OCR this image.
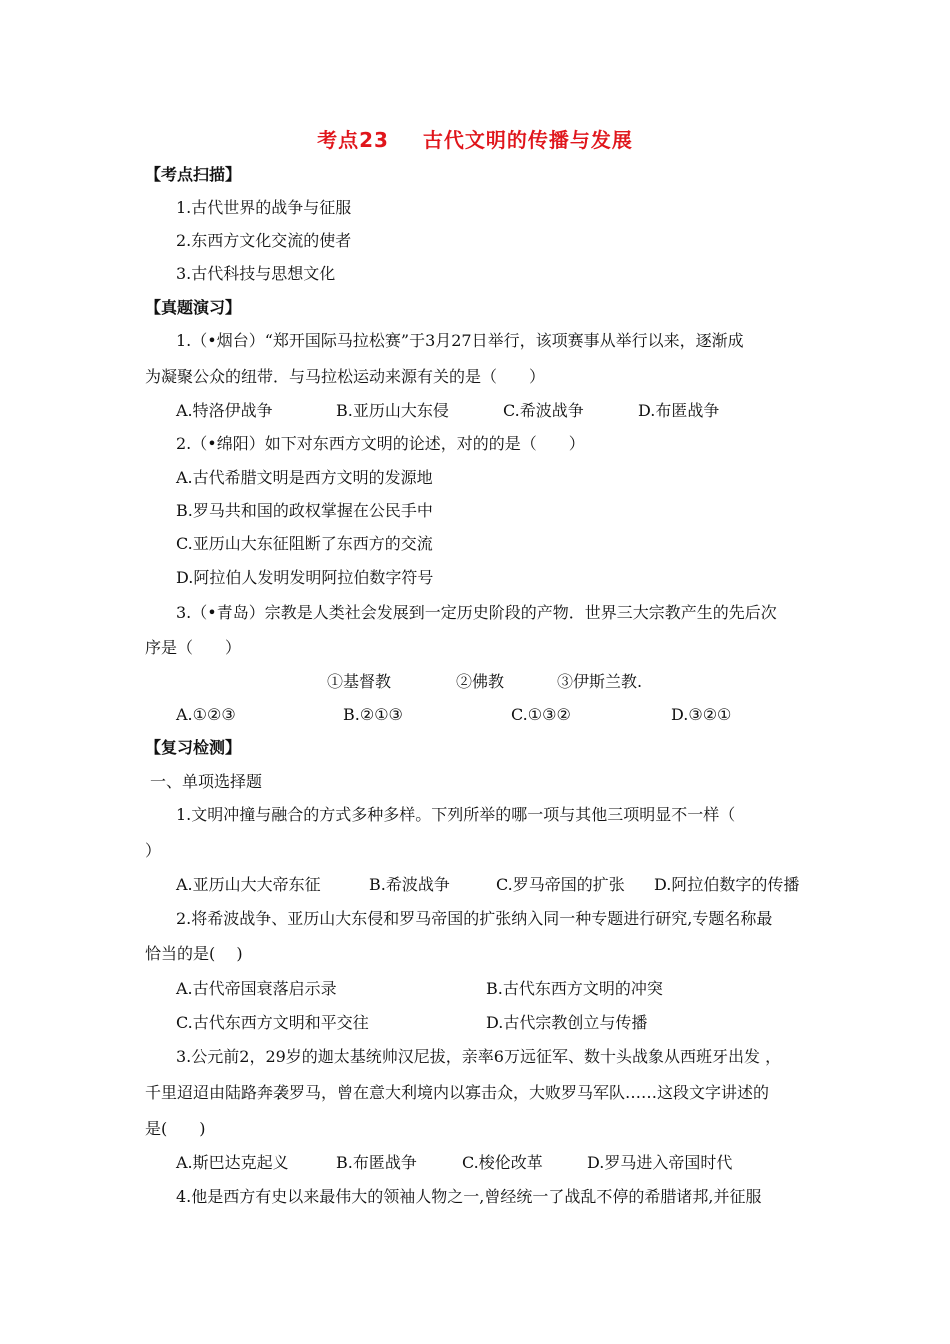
考点23 古代文明的传播与发展
【考点扫描】
1.古代世界的战争与征服
2.东西方文化交流的使者
3.古代科技与思想文化
【真题演习】
1.（•烟台）“郑开国际马拉松赛”于3月27日举行，该项赛事从举行以来，逐渐成
为凝聚公众的纽带．与马拉松运动来源有关的是（　　）
A.特洛伊战争	B.亚历山大东侵	C.希波战争	D.布匿战争
2.（•绵阳）如下对东西方文明的论述，对的的是（　　）
A.古代希腊文明是西方文明的发源地
B.罗马共和国的政权掌握在公民手中
C.亚历山大东征阻断了东西方的交流
D.阿拉伯人发明发明阿拉伯数字符号
3.（•青岛）宗教是人类社会发展到一定历史阶段的产物．世界三大宗教产生的先后次
序是（　　）
①基督教	②佛教	③伊斯兰教.
A.①②③	B.②①③	C.①③②	D.③②①
【复习检测】
一、单项选择题
1.文明冲撞与融合的方式多种多样。下列所举的哪一项与其他三项明显不一样（
）
A.亚历山大大帝东征	B.希波战争	C.罗马帝国的扩张 D.阿拉伯数字的传播
2.将希波战争、亚历山大东侵和罗马帝国的扩张纳入同一种专题进行研究,专题名称最
恰当的是(　 )
A.古代帝国衰落启示录	B.古代东西方文明的冲突
C.古代东西方文明和平交往	D.古代宗教创立与传播
3.公元前2，29岁的迦太基统帅汉尼拔，亲率6万远征军、数十头战象从西班牙出发 ，
千里迢迢由陆路奔袭罗马，曾在意大利境内以寡击众，大败罗马军队……这段文字讲述的
是(　　)
A.斯巴达克起义	B.布匿战争	C.梭伦改革	D.罗马进入帝国时代
4.他是西方有史以来最伟大的领袖人物之一,曾经统一了战乱不停的希腊诸邦,并征服
